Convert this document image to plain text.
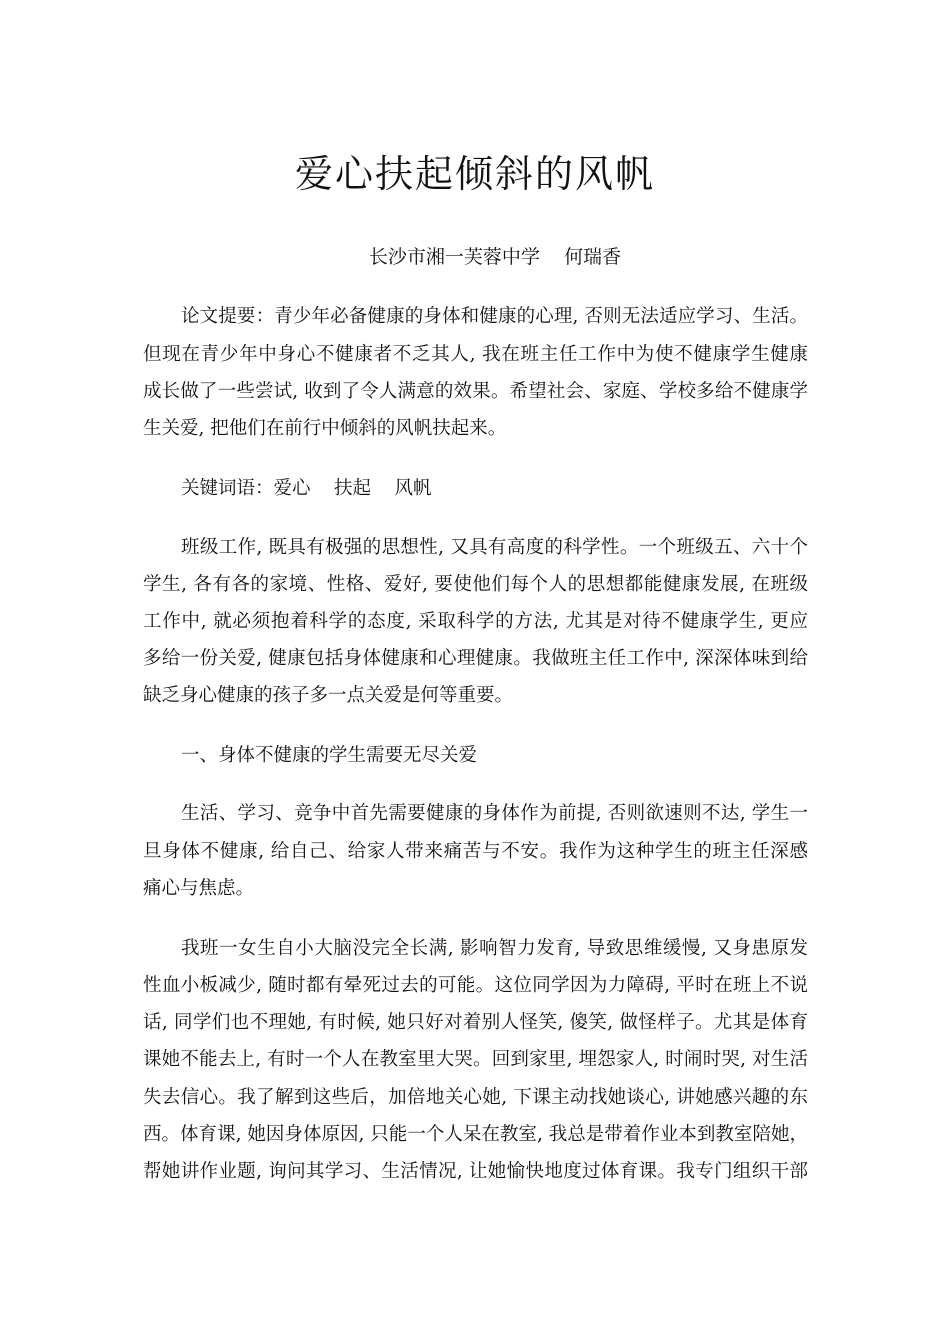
爱心扶起倾斜的风帆
长沙市湘一芙蓉中学    何瑞香
论文提要：青少年必备健康的身体和健康的心理, 否则无法适应学习、生活。
但现在青少年中身心不健康者不乏其人, 我在班主任工作中为使不健康学生健康
成长做了一些尝试, 收到了令人满意的效果。希望社会、家庭、学校多给不健康学
生关爱, 把他们在前行中倾斜的风帆扶起来。
关键词语：爱心    扶起    风帆
班级工作, 既具有极强的思想性, 又具有高度的科学性。一个班级五、六十个
学生, 各有各的家境、性格、爱好, 要使他们每个人的思想都能健康发展, 在班级
工作中, 就必须抱着科学的态度, 采取科学的方法, 尤其是对待不健康学生, 更应
多给一份关爱, 健康包括身体健康和心理健康。我做班主任工作中, 深深体味到给
缺乏身心健康的孩子多一点关爱是何等重要。
一、身体不健康的学生需要无尽关爱
生活、学习、竞争中首先需要健康的身体作为前提, 否则欲速则不达, 学生一
旦身体不健康, 给自己、给家人带来痛苦与不安。我作为这种学生的班主任深感
痛心与焦虑。
我班一女生自小大脑没完全长满, 影响智力发育, 导致思维缓慢, 又身患原发
性血小板减少, 随时都有晕死过去的可能。这位同学因为力障碍, 平时在班上不说
话, 同学们也不理她, 有时候, 她只好对着别人怪笑, 傻笑, 做怪样子。尤其是体育
课她不能去上, 有时一个人在教室里大哭。回到家里, 埋怨家人, 时闹时哭, 对生活
失去信心。我了解到这些后，加倍地关心她, 下课主动找她谈心, 讲她感兴趣的东
西。体育课, 她因身体原因, 只能一个人呆在教室, 我总是带着作业本到教室陪她，
帮她讲作业题, 询问其学习、生活情况, 让她愉快地度过体育课。我专门组织干部
